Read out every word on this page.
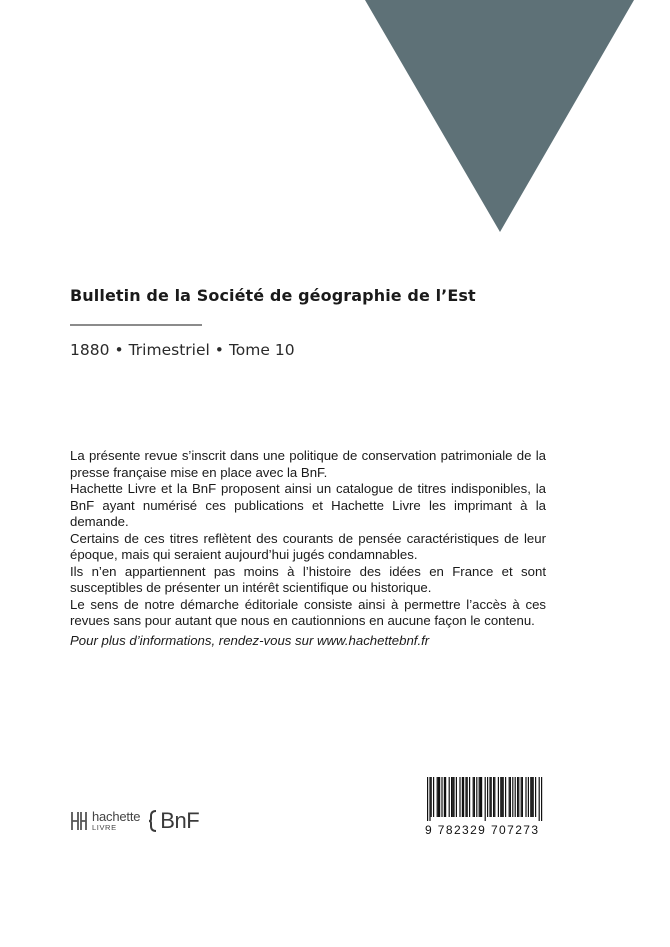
Bulletin de la Société de géographie de l’Est

1880 • Trimestriel • Tome 10

La présente revue s’inscrit dans une politique de conservation patrimoniale de la presse française mise en place avec la BnF.

Hachette Livre et la BnF proposent ainsi un catalogue de titres indisponibles, la BnF ayant numérisé ces publications et Hachette Livre les imprimant à la demande.

Certains de ces titres reflètent des courants de pensée caractéristiques de leur époque, mais qui seraient aujourd’hui jugés condamnables.

Ils n’en appartiennent pas moins à l’histoire des idées en France et sont susceptibles de présenter un intérêt scientifique ou historique.

Le sens de notre démarche éditoriale consiste ainsi à permettre l’accès à ces revues sans pour autant que nous en cautionnions en aucune façon le contenu.

Pour plus d’informations, rendez-vous sur www.hachettebnf.fr

hachette
LIVRE	BnF	9 782329 707273
